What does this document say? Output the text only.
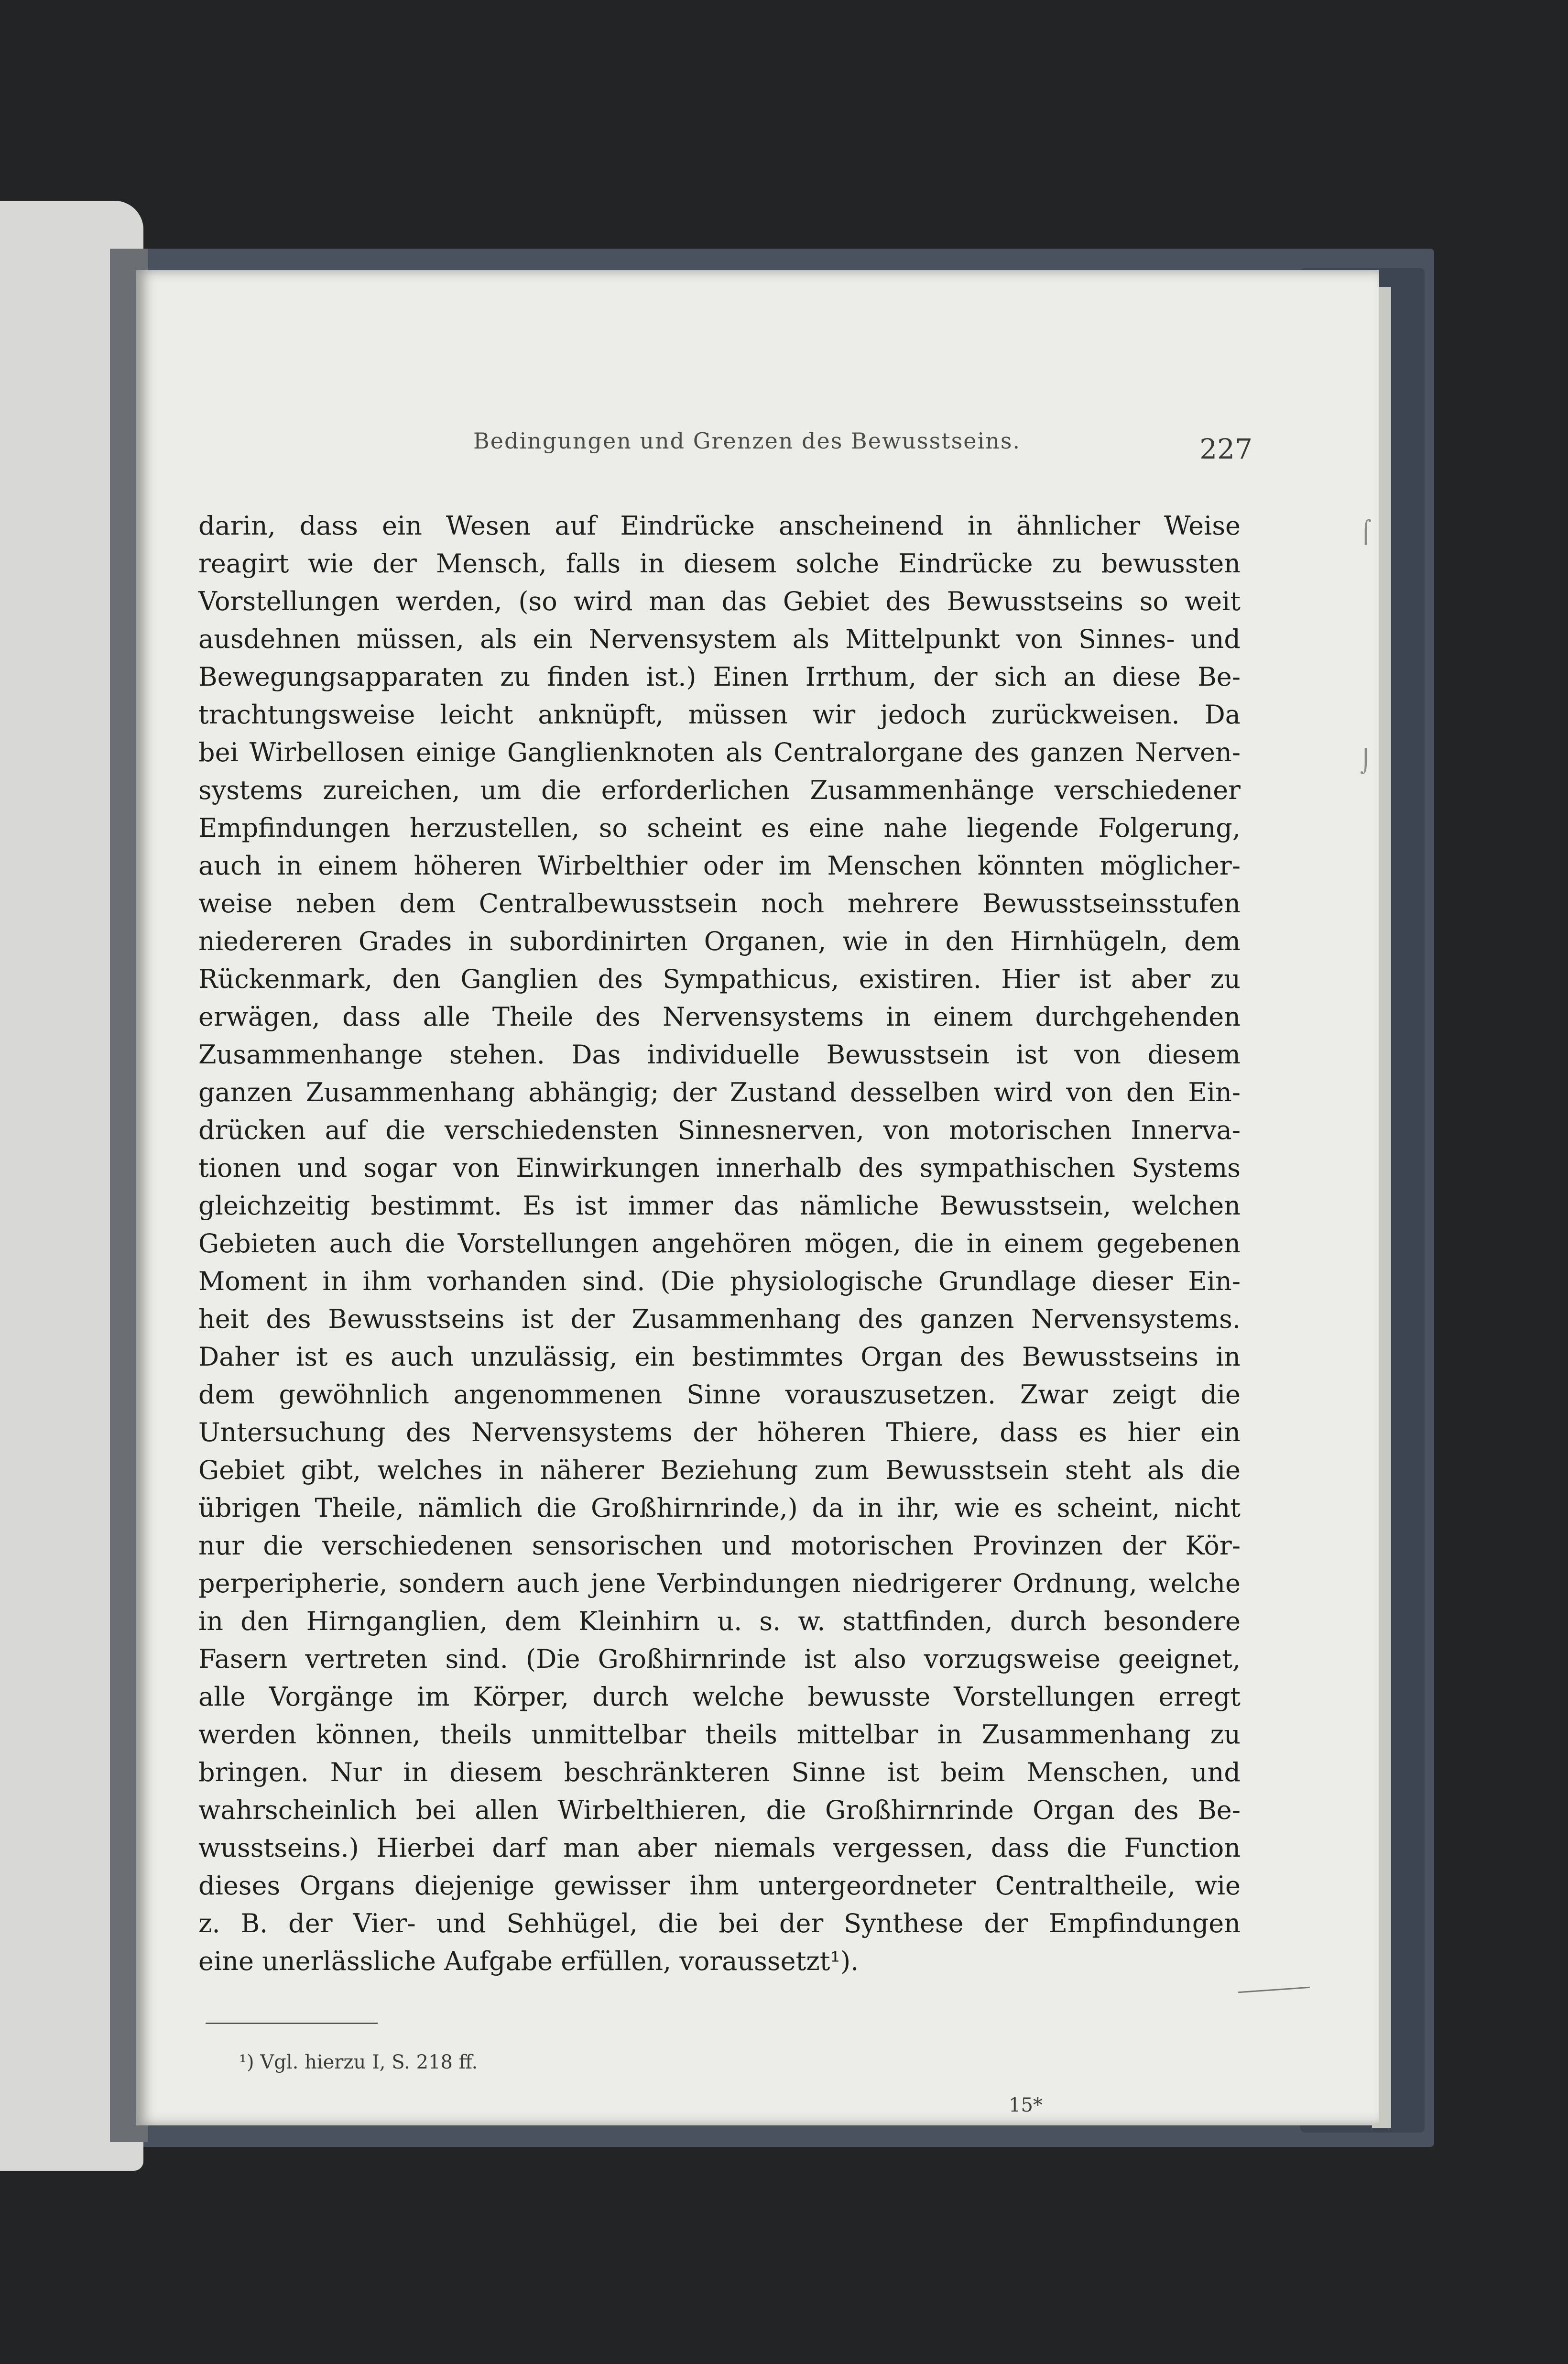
Bedingungen und Grenzen des Bewusstseins.	227
darin, dass ein Wesen auf Eindrücke anscheinend in ähnlicher Weise
reagirt wie der Mensch, falls in diesem solche Eindrücke zu bewussten
Vorstellungen werden, (so wird man das Gebiet des Bewusstseins so weit
ausdehnen müssen, als ein Nervensystem als Mittelpunkt von Sinnes- und
Bewegungsapparaten zu finden ist.) Einen Irrthum, der sich an diese Be-
trachtungsweise leicht anknüpft, müssen wir jedoch zurückweisen. Da
bei Wirbellosen einige Ganglienknoten als Centralorgane des ganzen Nerven-
systems zureichen, um die erforderlichen Zusammenhänge verschiedener
Empfindungen herzustellen, so scheint es eine nahe liegende Folgerung,
auch in einem höheren Wirbelthier oder im Menschen könnten möglicher-
weise neben dem Centralbewusstsein noch mehrere Bewusstseinsstufen
niedereren Grades in subordinirten Organen, wie in den Hirnhügeln, dem
Rückenmark, den Ganglien des Sympathicus, existiren. Hier ist aber zu
erwägen, dass alle Theile des Nervensystems in einem durchgehenden
Zusammenhange stehen. Das individuelle Bewusstsein ist von diesem
ganzen Zusammenhang abhängig; der Zustand desselben wird von den Ein-
drücken auf die verschiedensten Sinnesnerven, von motorischen Innerva-
tionen und sogar von Einwirkungen innerhalb des sympathischen Systems
gleichzeitig bestimmt. Es ist immer das nämliche Bewusstsein, welchen
Gebieten auch die Vorstellungen angehören mögen, die in einem gegebenen
Moment in ihm vorhanden sind. (Die physiologische Grundlage dieser Ein-
heit des Bewusstseins ist der Zusammenhang des ganzen Nervensystems.
Daher ist es auch unzulässig, ein bestimmtes Organ des Bewusstseins in
dem gewöhnlich angenommenen Sinne vorauszusetzen. Zwar zeigt die
Untersuchung des Nervensystems der höheren Thiere, dass es hier ein
Gebiet gibt, welches in näherer Beziehung zum Bewusstsein steht als die
übrigen Theile, nämlich die Großhirnrinde,) da in ihr, wie es scheint, nicht
nur die verschiedenen sensorischen und motorischen Provinzen der Kör-
perperipherie, sondern auch jene Verbindungen niedrigerer Ordnung, welche
in den Hirnganglien, dem Kleinhirn u. s. w. stattfinden, durch besondere
Fasern vertreten sind. (Die Großhirnrinde ist also vorzugsweise geeignet,
alle Vorgänge im Körper, durch welche bewusste Vorstellungen erregt
werden können, theils unmittelbar theils mittelbar in Zusammenhang zu
bringen. Nur in diesem beschränkteren Sinne ist beim Menschen, und
wahrscheinlich bei allen Wirbelthieren, die Großhirnrinde Organ des Be-
wusstseins.) Hierbei darf man aber niemals vergessen, dass die Function
dieses Organs diejenige gewisser ihm untergeordneter Centraltheile, wie
z. B. der Vier- und Sehhügel, die bei der Synthese der Empfindungen
eine unerlässliche Aufgabe erfüllen, voraussetzt¹).
¹) Vgl. hierzu I, S. 218 ff.
15*
⌠
⌡
